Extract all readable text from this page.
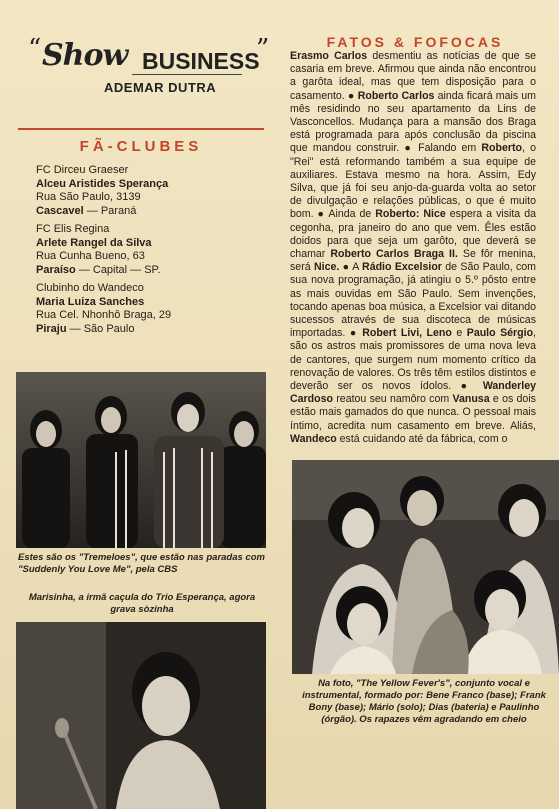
“ Show BUSINESS
”
ADEMAR DUTRA
FÃ-CLUBES
FC Dirceu Graeser
Alceu Aristides Sperança
Rua São Paulo, 3139
Cascavel — Paraná
FC Elis Regina
Arlete Rangel da Silva
Rua Cunha Bueno, 63
Paraíso — Capital — SP.
Clubinho do Wandeco
Maria Luiza Sanches
Rua Cel. Nhonhô Braga, 29
Piraju — São Paulo
Estes são os "Tremeloes", que estão nas paradas com "Suddenly You Love Me", pela CBS
Marisinha, a irmã caçula do Trio Esperança, agora grava sòzinha
FATOS & FOFOCAS
Erasmo Carlos desmentiu as notícias de que se casaria em breve. Afirmou que ainda não encontrou a garôta ideal, mas que tem disposição para o casamento. ● Roberto Carlos ainda ficará mais um mês residindo no seu apartamento da Lins de Vasconcellos. Mudança para a mansão dos Braga está programada para após conclusão da piscina que mandou construir. ● Falando em Roberto, o "Rei" está reformando também a sua equipe de auxiliares. Estava mesmo na hora. Assim, Edy Silva, que já foi seu anjo-da-guarda volta ao setor de divulgação e relações públicas, o que é muito bom. ● Ainda de Roberto: Nice espera a visita da cegonha, pra janeiro do ano que vem. Êles estão doidos para que seja um garôto, que deverá se chamar Roberto Carlos Braga II. Se fôr menina, será Nice. ● A Rádio Excelsior de São Paulo, com sua nova programação, já atingiu o 5.º pôsto entre as mais ouvidas em São Paulo. Sem invenções, tocando apenas boa música, a Excelsior vai ditando sucessos através de sua discoteca de músicas importadas. ● Robert Livi, Leno e Paulo Sérgio, são os astros mais promissores de uma nova leva de cantores, que surgem num momento crítico da renovação de valores. Os três têm estilos distintos e deverão ser os novos ídolos. ● Wanderley Cardoso reatou seu namôro com Vanusa e os dois estão mais gamados do que nunca. O pessoal mais íntimo, acredita num casamento em breve. Aliás, Wandeco está cuidando até da fábrica, com o
Na foto, "The Yellow Fever's", conjunto vocal e instrumental, formado por: Bene Franco (base); Frank Bony (base); Mário (solo); Dias (bateria) e Paulinho (órgão). Os rapazes vêm agradando em cheio
